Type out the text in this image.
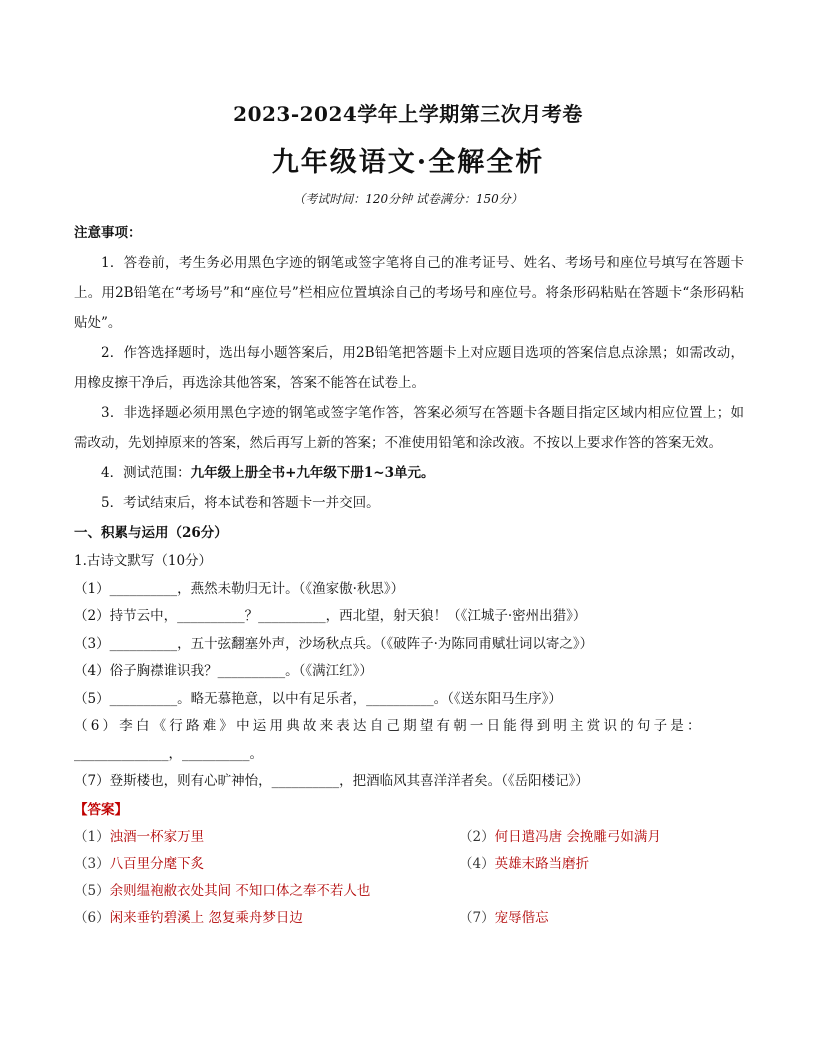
2023-2024学年上学期第三次月考卷
九年级语文·全解全析
（考试时间：120分钟 试卷满分：150分）
注意事项：

1．答卷前，考生务必用黑色字迹的钢笔或签字笔将自己的准考证号、姓名、考场号和座位号填写在答题卡上。用2B铅笔在“考场号”和“座位号”栏相应位置填涂自己的考场号和座位号。将条形码粘贴在答题卡“条形码粘贴处”。

2．作答选择题时，选出每小题答案后，用2B铅笔把答题卡上对应题目选项的答案信息点涂黑；如需改动，用橡皮擦干净后，再选涂其他答案，答案不能答在试卷上。

3．非选择题必须用黑色字迹的钢笔或签字笔作答，答案必须写在答题卡各题目指定区域内相应位置上；如需改动，先划掉原来的答案，然后再写上新的答案；不准使用铅笔和涂改液。不按以上要求作答的答案无效。

4．测试范围：九年级上册全书+九年级下册1~3单元。

5．考试结束后，将本试卷和答题卡一并交回。

一、积累与运用（26分）
1.古诗文默写（10分）
（1）__________，燕然未勒归无计。（《渔家傲·秋思》）
（2）持节云中，__________？__________，西北望，射天狼！（《江城子·密州出猎》）
（3）__________，五十弦翻塞外声，沙场秋点兵。（《破阵子·为陈同甫赋壮词以寄之》）
（4）俗子胸襟谁识我？__________。（《满江红》）
（5）__________。略无慕艳意，以中有足乐者，__________。（《送东阳马生序》）
（6）李白《行路难》中运用典故来表达自己期望有朝一日能得到明主赏识的句子是：
______________，__________。
（7）登斯楼也，则有心旷神怡，__________，把酒临风其喜洋洋者矣。（《岳阳楼记》）
【答案】
（1）浊酒一杯家万里	（2）何日遣冯唐 会挽雕弓如满月
（3）八百里分麾下炙	（4）英雄末路当磨折
（5）余则缊袍敝衣处其间 不知口体之奉不若人也
（6）闲来垂钓碧溪上 忽复乘舟梦日边	（7）宠辱偕忘
